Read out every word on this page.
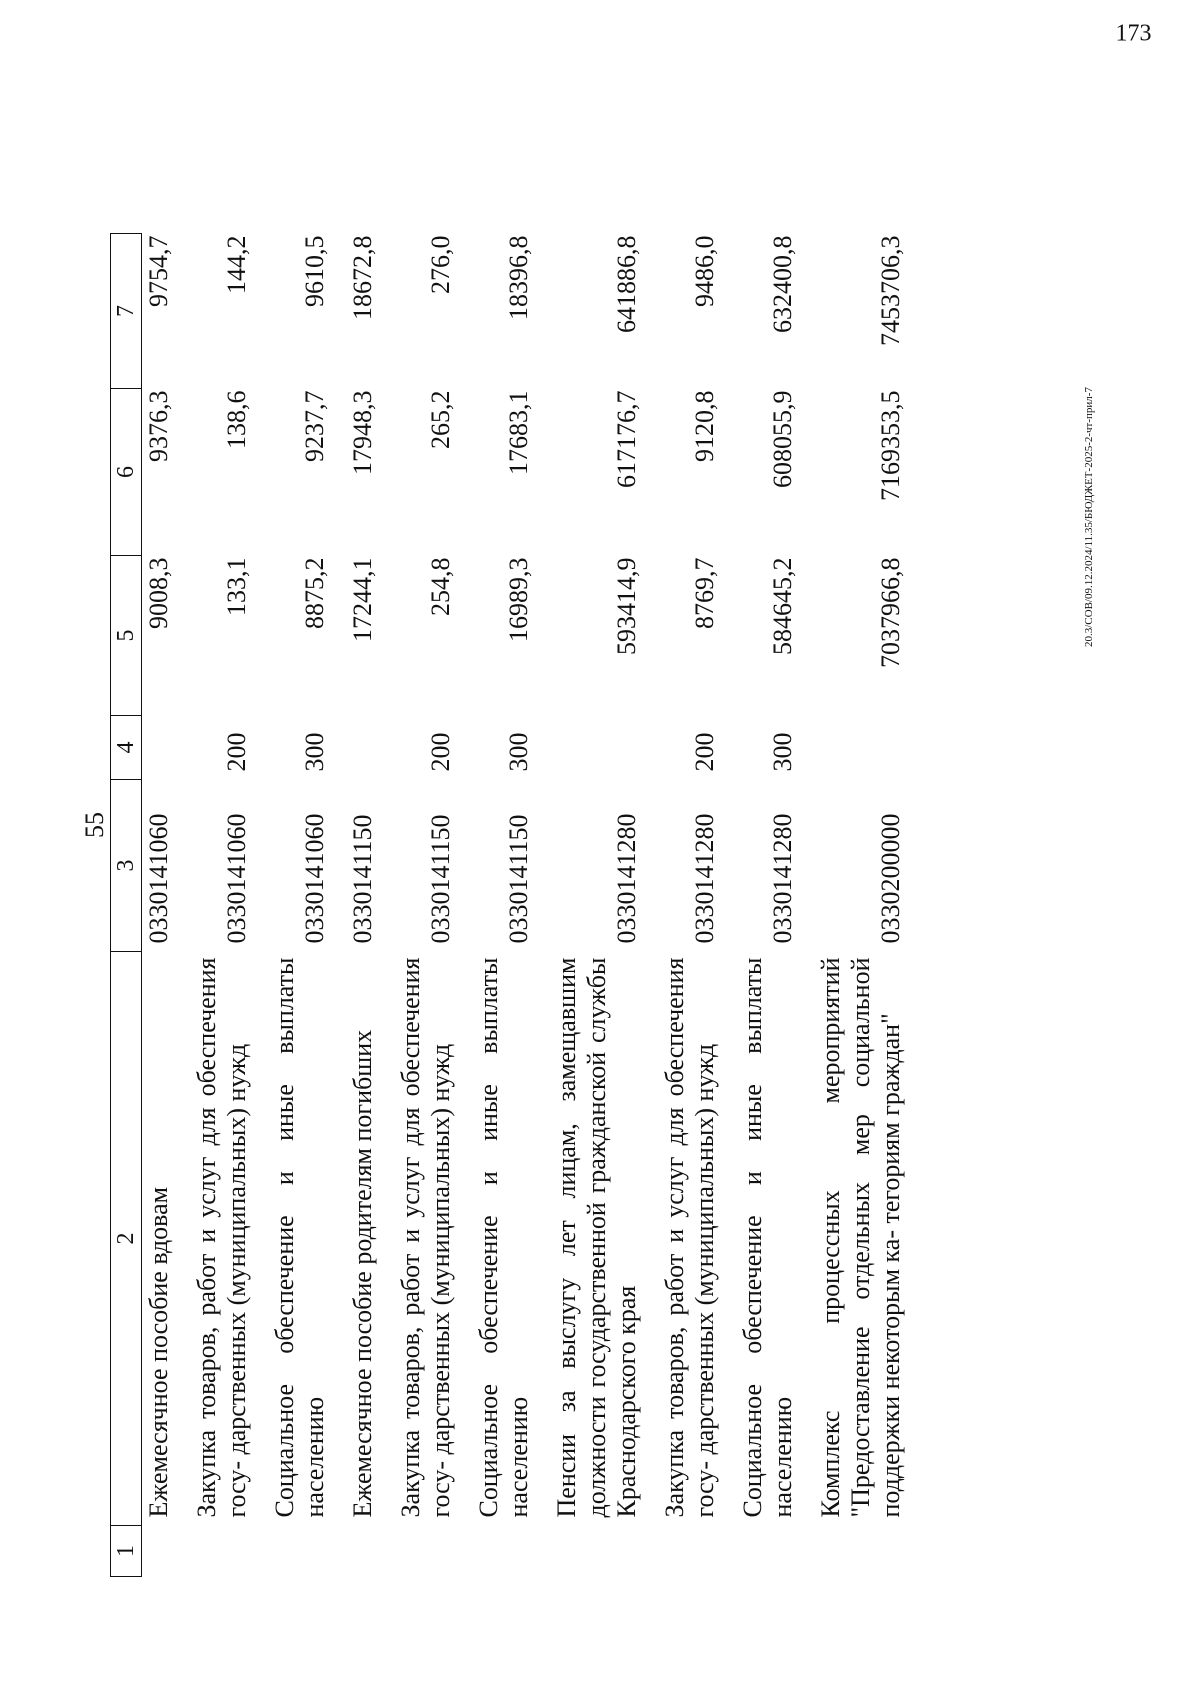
55
1	2	3	4	5	6	7
	Ежемесячное пособие вдовам	0330141060		9008,3	9376,3	9754,7
	Закупка товаров, работ и услуг для обеспечения госу- дарственных (муниципальных) нужд	0330141060	200	133,1	138,6	144,2
	Социальное обеспечение и иные выплаты населению	0330141060	300	8875,2	9237,7	9610,5
	Ежемесячное пособие родителям погибших	0330141150		17244,1	17948,3	18672,8
	Закупка товаров, работ и услуг для обеспечения госу- дарственных (муниципальных) нужд	0330141150	200	254,8	265,2	276,0
	Социальное обеспечение и иные выплаты населению	0330141150	300	16989,3	17683,1	18396,8
	Пенсии за выслугу лет лицам, замещавшим должности государственной гражданской службы Краснодарского края	0330141280		593414,9	617176,7	641886,8
	Закупка товаров, работ и услуг для обеспечения госу- дарственных (муниципальных) нужд	0330141280	200	8769,7	9120,8	9486,0
	Социальное обеспечение и иные выплаты населению	0330141280	300	584645,2	608055,9	632400,8
	Комплекс процессных мероприятий "Предоставление отдельных мер социальной поддержки некоторым ка- тегориям граждан"	0330200000		7037966,8	7169353,5	7453706,3
20.3/СОВ/09.12.2024/11.35/БЮДЖЕТ-2025-2-чт-прил-7
173
